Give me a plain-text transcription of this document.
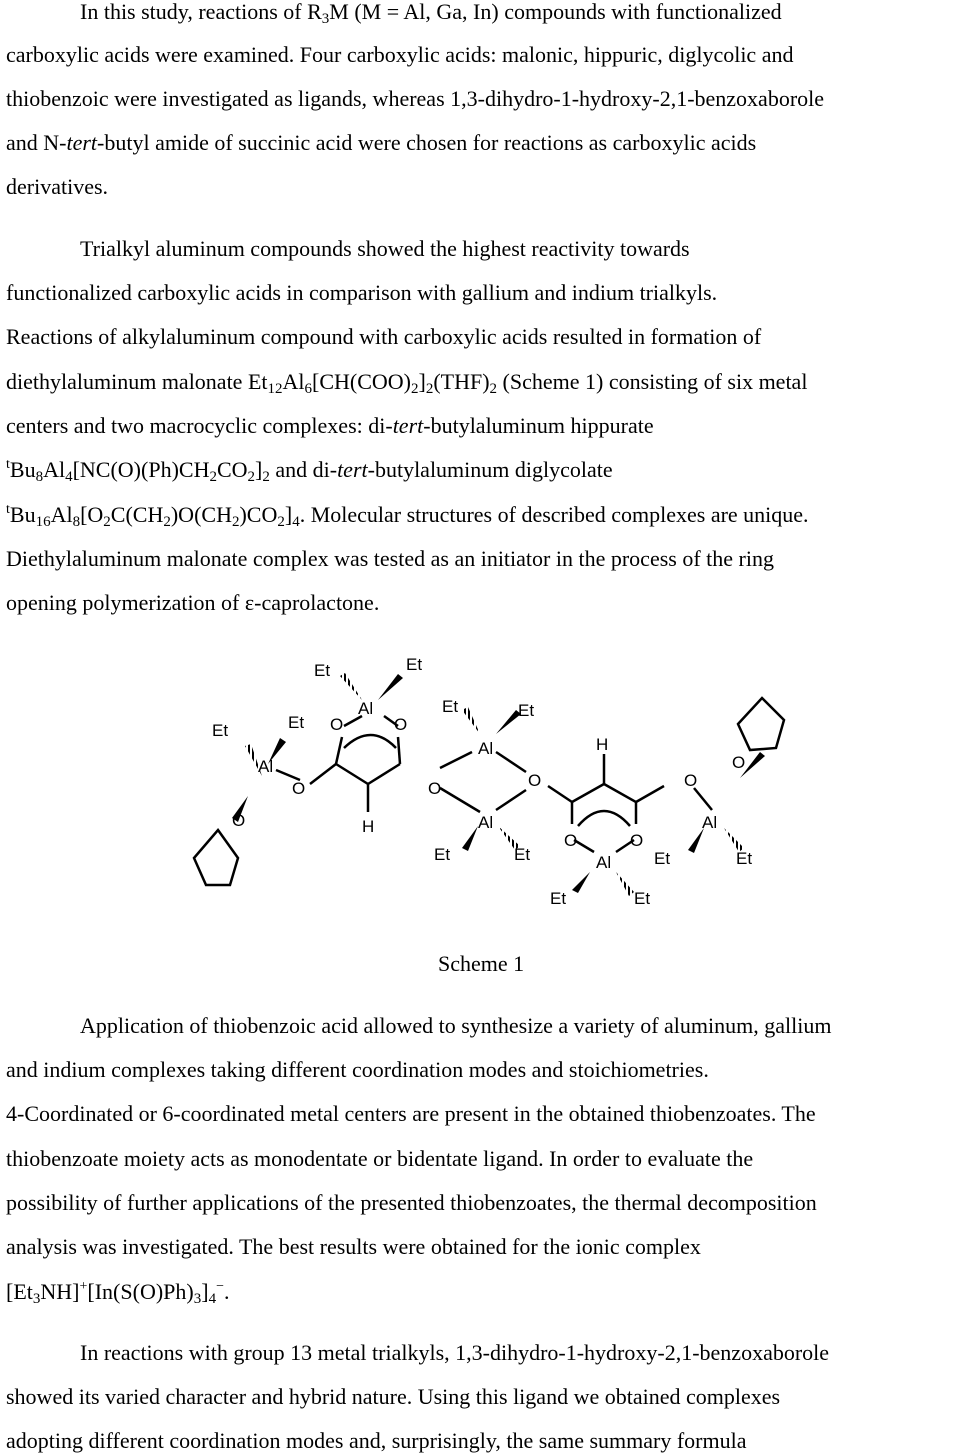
In this study, reactions of $R_3M$ (M = Al, Ga, In) compounds with functionalized
carboxylic acids were examined. Four carboxylic acids: malonic, hippuric, diglycolic and
thiobenzoic were investigated as ligands, whereas 1,3-dihydro-1-hydroxy-2,1-benzoxaborole
and N-tert-butyl amide of succinic acid were chosen for reactions as carboxylic acids
derivatives.
Trialkyl aluminum compounds showed the highest reactivity towards
functionalized carboxylic acids in comparison with gallium and indium trialkyls.
Reactions of alkylaluminum compound with carboxylic acids resulted in formation of
diethylaluminum malonate $Et_{12}Al_6[CH(COO)_2]_2(THF)_2$ (Scheme 1) consisting of six metal
centers and two macrocyclic complexes: di-tert-butylaluminum hippurate
$^tBu_8Al_4[NC(O)(Ph)CH_2CO_2]_2$ and di-tert-butylaluminum diglycolate
$^tBu_{16}Al_8[O_2C(CH_2)O(CH_2)CO_2]_4$. Molecular structures of described complexes are unique.
Diethylaluminum malonate complex was tested as an initiator in the process of the ring
opening polymerization of ε-caprolactone.
Et	Et
Et	Et
Et	Et
Et	Et
Et	Et
Et	Et
Al
Al
Al
Al
Al
Al
O	O
O	O	O	O
O
O	O
O
H
H
Scheme 1
Application of thiobenzoic acid allowed to synthesize a variety of aluminum, gallium
and indium complexes taking different coordination modes and stoichiometries.
4-Coordinated or 6-coordinated metal centers are present in the obtained thiobenzoates. The
thiobenzoate moiety acts as monodentate or bidentate ligand. In order to evaluate the
possibility of further applications of the presented thiobenzoates, the thermal decomposition
analysis was investigated. The best results were obtained for the ionic complex
$[Et_3NH]^+[In(S(O)Ph)_3]_4^-$.
In reactions with group 13 metal trialkyls, 1,3-dihydro-1-hydroxy-2,1-benzoxaborole
showed its varied character and hybrid nature. Using this ligand we obtained complexes
adopting different coordination modes and, surprisingly, the same summary formula
